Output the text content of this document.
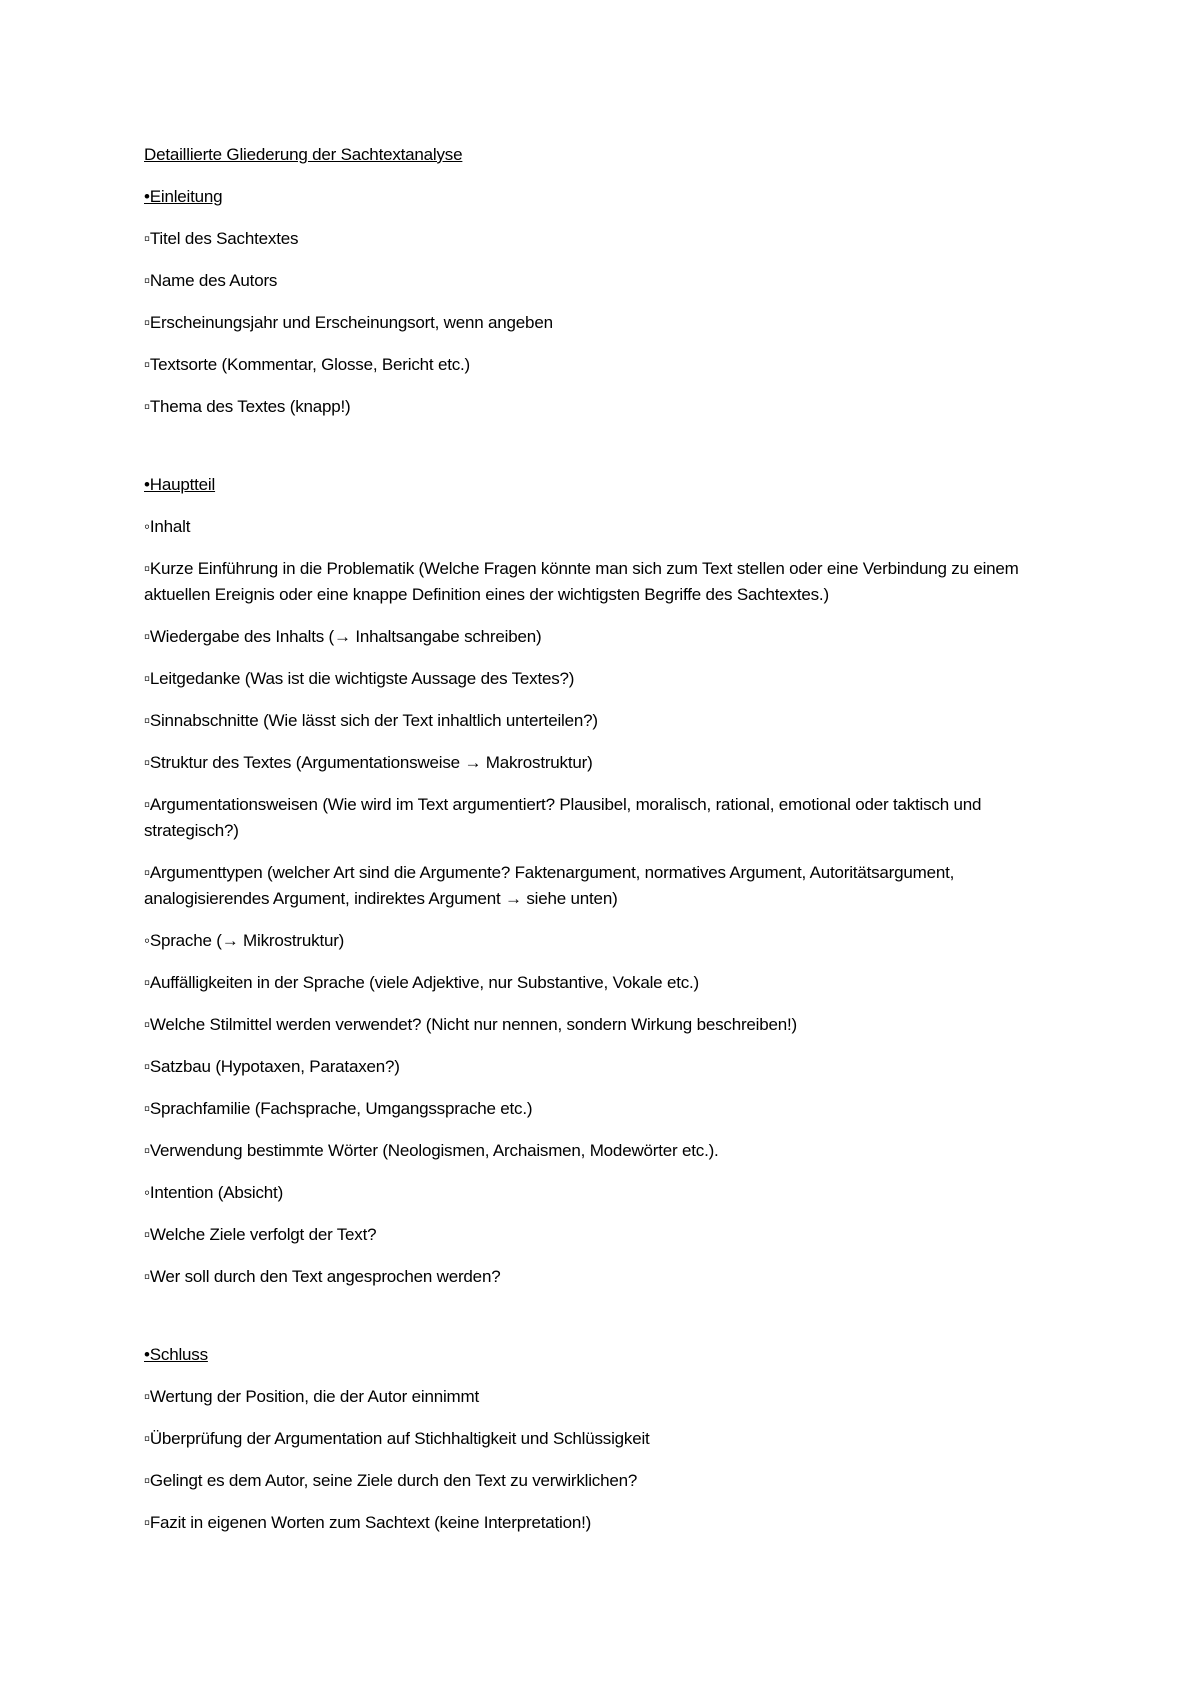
Detaillierte Gliederung der Sachtextanalyse

•Einleitung

▫Titel des Sachtextes

▫Name des Autors

▫Erscheinungsjahr und Erscheinungsort, wenn angeben

▫Textsorte (Kommentar, Glosse, Bericht etc.)

▫Thema des Textes (knapp!)

•Hauptteil

◦Inhalt

▫Kurze Einführung in die Problematik (Welche Fragen könnte man sich zum Text stellen oder eine Verbindung zu einem aktuellen Ereignis oder eine knappe Definition eines der wichtigsten Begriffe des Sachtextes.)

▫Wiedergabe des Inhalts (→ Inhaltsangabe schreiben)

▫Leitgedanke (Was ist die wichtigste Aussage des Textes?)

▫Sinnabschnitte (Wie lässt sich der Text inhaltlich unterteilen?)

▫Struktur des Textes (Argumentationsweise → Makrostruktur)

▫Argumentationsweisen (Wie wird im Text argumentiert? Plausibel, moralisch, rational, emotional oder taktisch und strategisch?)

▫Argumenttypen (welcher Art sind die Argumente? Faktenargument, normatives Argument, Autoritätsargument, analogisierendes Argument, indirektes Argument → siehe unten)

◦Sprache (→ Mikrostruktur)

▫Auffälligkeiten in der Sprache (viele Adjektive, nur Substantive, Vokale etc.)

▫Welche Stilmittel werden verwendet? (Nicht nur nennen, sondern Wirkung beschreiben!)

▫Satzbau (Hypotaxen, Parataxen?)

▫Sprachfamilie (Fachsprache, Umgangssprache etc.)

▫Verwendung bestimmte Wörter (Neologismen, Archaismen, Modewörter etc.).

◦Intention (Absicht)

▫Welche Ziele verfolgt der Text?

▫Wer soll durch den Text angesprochen werden?

•Schluss

▫Wertung der Position, die der Autor einnimmt

▫Überprüfung der Argumentation auf Stichhaltigkeit und Schlüssigkeit

▫Gelingt es dem Autor, seine Ziele durch den Text zu verwirklichen?

▫Fazit in eigenen Worten zum Sachtext (keine Interpretation!)
